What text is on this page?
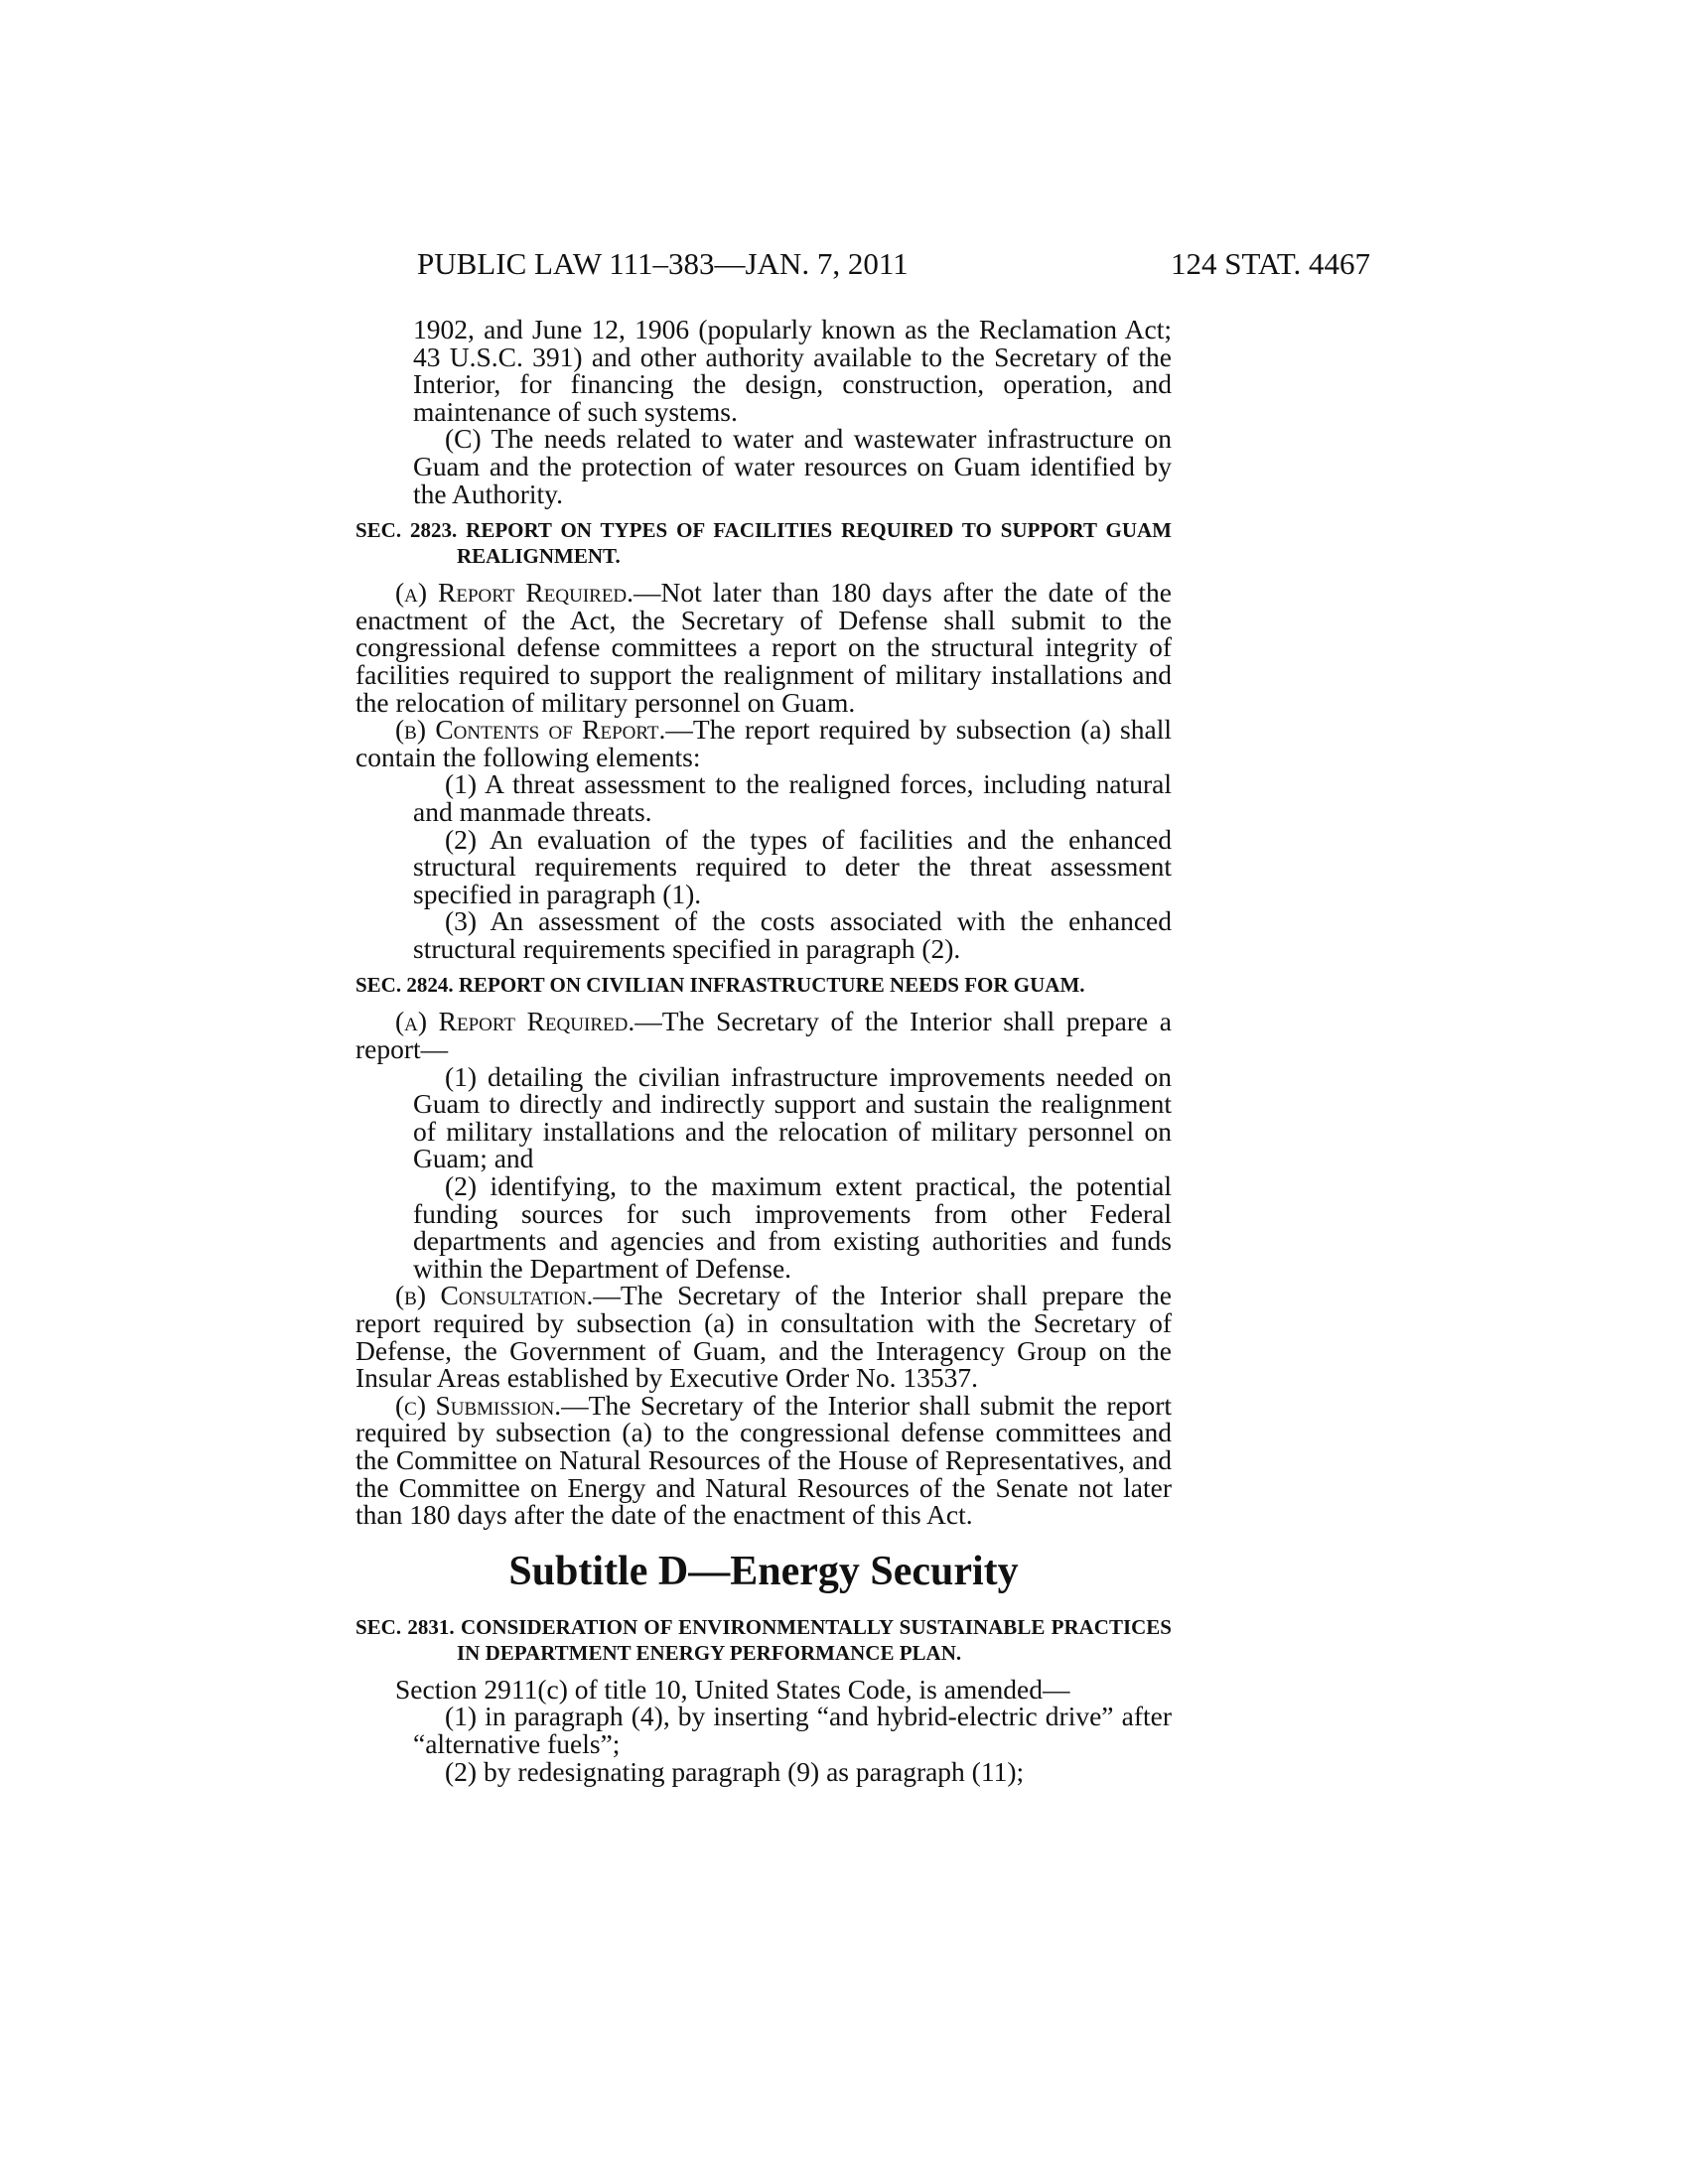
PUBLIC LAW 111–383—JAN. 7, 2011	124 STAT. 4467

1902, and June 12, 1906 (popularly known as the Reclamation Act; 43 U.S.C. 391) and other authority available to the Secretary of the Interior, for financing the design, construction, operation, and maintenance of such systems.

(C) The needs related to water and wastewater infrastructure on Guam and the protection of water resources on Guam identified by the Authority.

SEC. 2823. REPORT ON TYPES OF FACILITIES REQUIRED TO SUPPORT GUAM REALIGNMENT.

(a) Report Required.—Not later than 180 days after the date of the enactment of the Act, the Secretary of Defense shall submit to the congressional defense committees a report on the structural integrity of facilities required to support the realignment of military installations and the relocation of military personnel on Guam.

(b) Contents of Report.—The report required by subsection (a) shall contain the following elements:

(1) A threat assessment to the realigned forces, including natural and manmade threats.

(2) An evaluation of the types of facilities and the enhanced structural requirements required to deter the threat assessment specified in paragraph (1).

(3) An assessment of the costs associated with the enhanced structural requirements specified in paragraph (2).

SEC. 2824. REPORT ON CIVILIAN INFRASTRUCTURE NEEDS FOR GUAM.

(a) Report Required.—The Secretary of the Interior shall prepare a report—

(1) detailing the civilian infrastructure improvements needed on Guam to directly and indirectly support and sustain the realignment of military installations and the relocation of military personnel on Guam; and

(2) identifying, to the maximum extent practical, the potential funding sources for such improvements from other Federal departments and agencies and from existing authorities and funds within the Department of Defense.

(b) Consultation.—The Secretary of the Interior shall prepare the report required by subsection (a) in consultation with the Secretary of Defense, the Government of Guam, and the Interagency Group on the Insular Areas established by Executive Order No. 13537.

(c) Submission.—The Secretary of the Interior shall submit the report required by subsection (a) to the congressional defense committees and the Committee on Natural Resources of the House of Representatives, and the Committee on Energy and Natural Resources of the Senate not later than 180 days after the date of the enactment of this Act.

Subtitle D—Energy Security

SEC. 2831. CONSIDERATION OF ENVIRONMENTALLY SUSTAINABLE PRACTICES IN DEPARTMENT ENERGY PERFORMANCE PLAN.

Section 2911(c) of title 10, United States Code, is amended—

(1) in paragraph (4), by inserting “and hybrid-electric drive” after “alternative fuels”;

(2) by redesignating paragraph (9) as paragraph (11);
